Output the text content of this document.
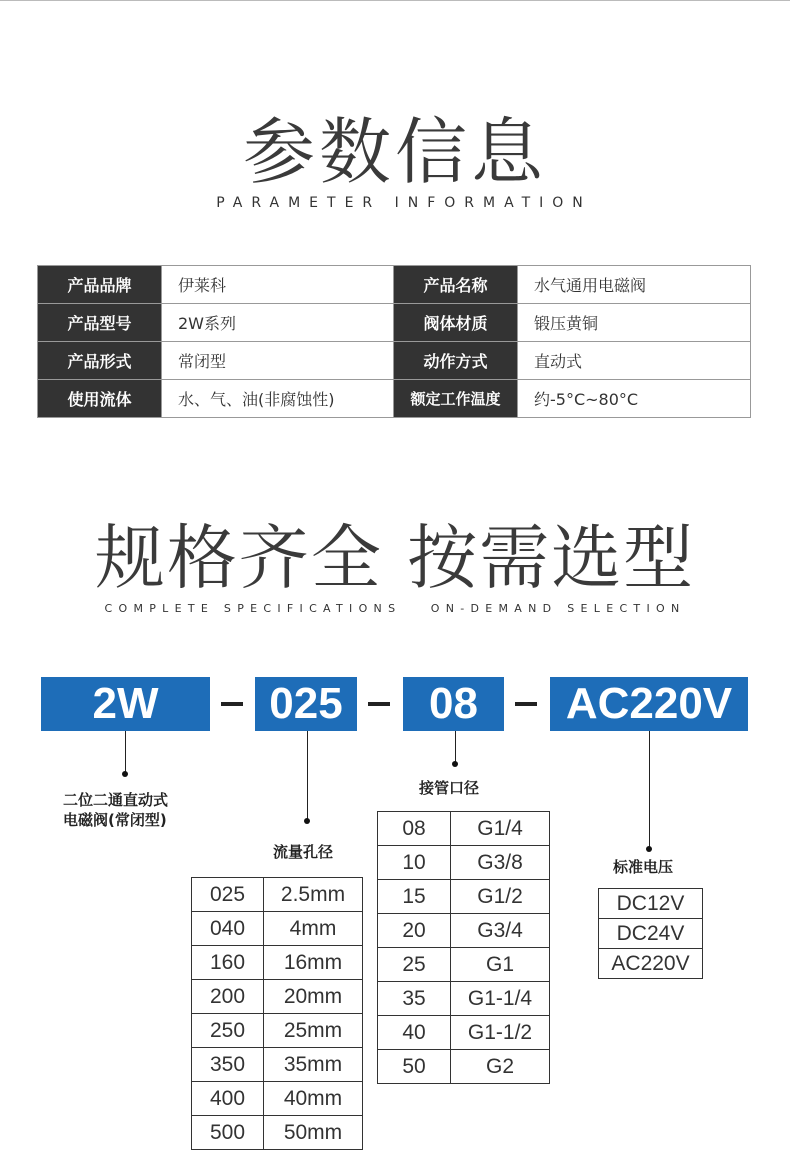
参数信息
PARAMETER INFORMATION
产品品牌	伊莱科	产品名称	水气通用电磁阀
产品型号	2W系列	阀体材质	锻压黄铜
产品形式	常闭型	动作方式	直动式
使用流体	水、气、油(非腐蚀性)	额定工作温度	约-5°C~80°C
规格齐全 按需选型
COMPLETE SPECIFICATIONS   ON-DEMAND SELECTION
2W	025	08	AC220V
二位二通直动式
电磁阀(常闭型)
流量孔径
接管口径
标准电压
025	2.5mm
040	4mm
160	16mm
200	20mm
250	25mm
350	35mm
400	40mm
500	50mm
08	G1/4
10	G3/8
15	G1/2
20	G3/4
25	G1
35	G1-1/4
40	G1-1/2
50	G2
DC12V
DC24V
AC220V
